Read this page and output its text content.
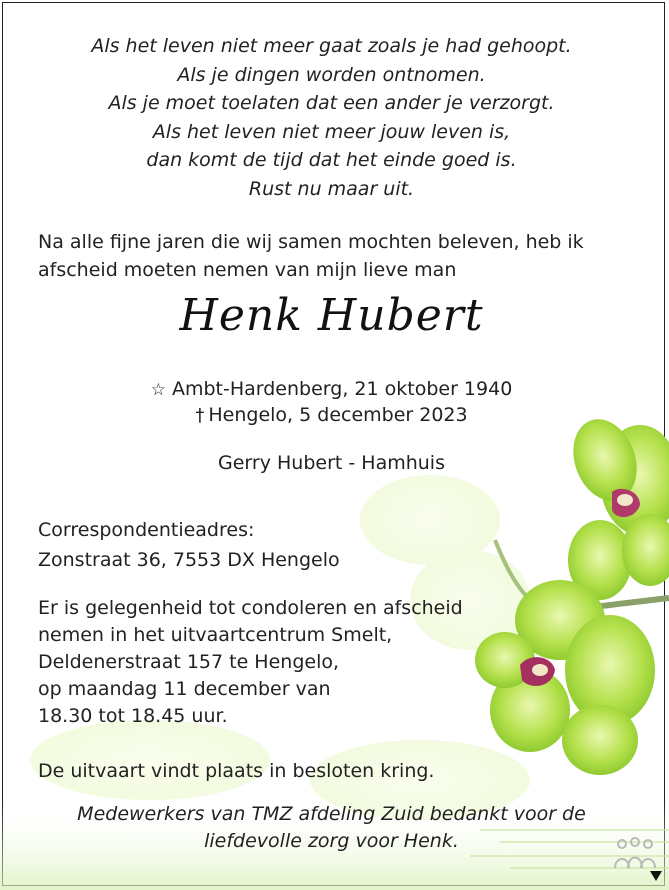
Als het leven niet meer gaat zoals je had gehoopt.
Als je dingen worden ontnomen.
Als je moet toelaten dat een ander je verzorgt.
Als het leven niet meer jouw leven is,
dan komt de tijd dat het einde goed is.
Rust nu maar uit.
Na alle fijne jaren die wij samen mochten beleven, heb ik
afscheid moeten nemen van mijn lieve man
Henk Hubert
☆ Ambt-Hardenberg, 21 oktober 1940
† Hengelo, 5 december 2023
Gerry Hubert - Hamhuis
Correspondentieadres:
Zonstraat 36, 7553 DX Hengelo
Er is gelegenheid tot condoleren en afscheid
nemen in het uitvaartcentrum Smelt,
Deldenerstraat 157 te Hengelo,
op maandag 11 december van
18.30 tot 18.45 uur.
De uitvaart vindt plaats in besloten kring.
Medewerkers van TMZ afdeling Zuid bedankt voor de
liefdevolle zorg voor Henk.
